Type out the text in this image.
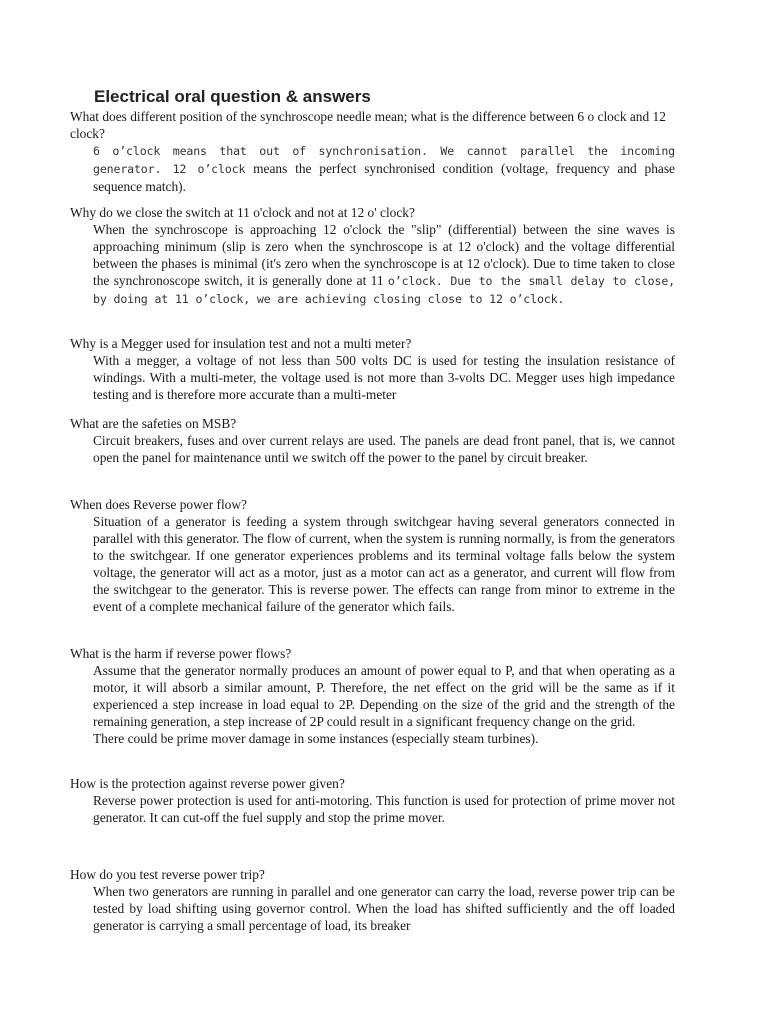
Electrical oral question & answers

What does different position of the synchroscope needle mean; what is the difference between 6 o clock and 12 clock?

6 o’clock means that out of synchronisation. We cannot parallel the incoming generator. 12 o’clock means the perfect synchronised condition (voltage, frequency and phase sequence match).

Why do we close the switch at 11 o'clock and not at 12 o' clock?

When the synchroscope is approaching 12 o'clock the "slip" (differential) between the sine waves is approaching minimum (slip is zero when the synchroscope is at 12 o'clock) and the voltage differential between the phases is minimal (it's zero when the synchroscope is at 12 o'clock). Due to time taken to close the synchronoscope switch, it is generally done at 11 o’clock. Due to the small delay to close, by doing at 11 o’clock, we are achieving closing close to 12 o’clock.

Why is a Megger used for insulation test and not a multi meter?

With a megger, a voltage of not less than 500 volts DC is used for testing the insulation resistance of windings. With a multi-meter, the voltage used is not more than 3-volts DC. Megger uses high impedance testing and is therefore more accurate than a multi-meter

What are the safeties on MSB?

Circuit breakers, fuses and over current relays are used. The panels are dead front panel, that is, we cannot open the panel for maintenance until we switch off the power to the panel by circuit breaker.

When does Reverse power flow?

Situation of a generator is feeding a system through switchgear having several generators connected in parallel with this generator. The flow of current, when the system is running normally, is from the generators to the switchgear. If one generator experiences problems and its terminal voltage falls below the system voltage, the generator will act as a motor, just as a motor can act as a generator, and current will flow from the switchgear to the generator. This is reverse power. The effects can range from minor to extreme in the event of a complete mechanical failure of the generator which fails.

What is the harm if reverse power flows?

Assume that the generator normally produces an amount of power equal to P, and that when operating as a motor, it will absorb a similar amount, P. Therefore, the net effect on the grid will be the same as if it experienced a step increase in load equal to 2P. Depending on the size of the grid and the strength of the remaining generation, a step increase of 2P could result in a significant frequency change on the grid.
There could be prime mover damage in some instances (especially steam turbines).

How is the protection against reverse power given?

Reverse power protection is used for anti-motoring. This function is used for protection of prime mover not generator. It can cut-off the fuel supply and stop the prime mover.

How do you test reverse power trip?

When two generators are running in parallel and one generator can carry the load, reverse power trip can be tested by load shifting using governor control. When the load has shifted sufficiently and the off loaded generator is carrying a small percentage of load, its breaker
